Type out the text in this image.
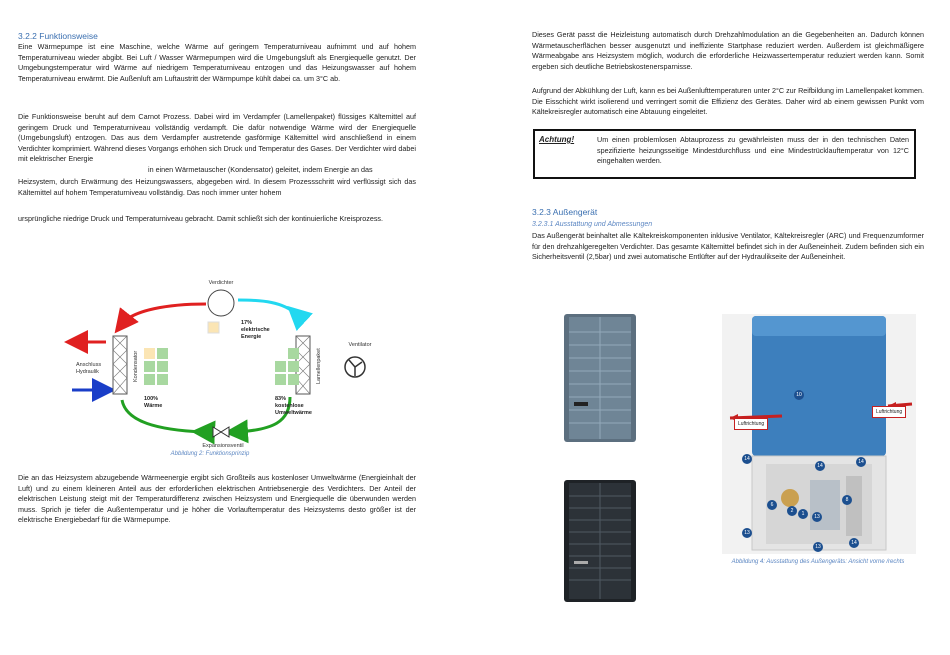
3.2.2 Funktionsweise
Eine Wärmepumpe ist eine Maschine, welche Wärme auf geringem Temperaturniveau aufnimmt und auf hohem Temperaturniveau wieder abgibt. Bei Luft / Wasser Wärmepumpen wird die Umgebungsluft als Energiequelle genutzt. Der Umgebungstemperatur wird Wärme auf niedrigem Temperaturniveau entzogen und das Heizungswasser auf hohem Temperaturniveau erwärmt. Die Außenluft am Luftaustritt der Wärmpumpe kühlt dabei ca. um 3°C ab.
Die Funktionsweise beruht auf dem Carnot Prozess. Dabei wird im Verdampfer (Lamellenpaket) flüssiges Kältemittel auf geringem Druck und Temperaturniveau vollständig verdampft. Die dafür notwendige Wärme wird der Energiequelle (Umgebungsluft) entzogen. Das aus dem Verdampfer austretende gasförmige Kältemittel wird anschließend in einem Verdichter komprimiert. Während dieses Vorgangs erhöhen sich Druck und Temperatur des Gases. Der Verdichter wird dabei mit elektrischer Energie
in einen Wärmetauscher (Kondensator) geleitet, indem Energie an das
Heizsystem, durch Erwärmung des Heizungswassers, abgegeben wird. In diesem Prozessschritt wird verflüssigt sich das Kältemittel auf hohem Temperaturniveau vollständig. Das noch immer unter hohem
ursprüngliche niedrige Druck und Temperaturniveau gebracht. Damit schließt sich der kontinuierliche Kreisprozess.
Verdichter
17%
elektrische
Energie
Kondensator
Anschluss
Hydraulik
100%
Wärme
Lamellenpaket
83%
kostenlose
Umweltwärme
Ventilator
Expansionsventil
Abbildung 2: Funktionsprinzip
Die an das Heizsystem abzugebende Wärmeenergie ergibt sich Großteils aus kostenloser Umweltwärme (Energieinhalt der Luft) und zu einem kleineren Anteil aus der erforderlichen elektrischen Antriebsenergie des Verdichters. Der Anteil der elektrischen Leistung steigt mit der Temperaturdifferenz zwischen Heizsystem und Energiequelle die überwunden werden muss. Sprich je tiefer die Außentemperatur und je höher die Vorlauftemperatur des Heizsystems desto größer ist der elektrische Energiebedarf für die Wärmepumpe.
Dieses Gerät passt die Heizleistung automatisch durch Drehzahlmodulation an die Gegebenheiten an. Dadurch können Wärmetauscherflächen besser ausgenutzt und ineffiziente Startphase reduziert werden. Außerdem ist gleichmäßigere Wärmeabgabe ans Heizsystem möglich, wodurch die erforderliche Heizwassertemperatur reduziert werden kann. Somit ergeben sich deutliche Betriebskostenersparnisse.
Aufgrund der Abkühlung der Luft, kann es bei Außenlufttemperaturen unter 2°C zur Reifbildung im Lamellenpaket kommen. Die Eisschicht wirkt isolierend und verringert somit die Effizienz des Gerätes. Daher wird ab einem gewissen Punkt vom Kältekreisregler automatisch eine Abtauung eingeleitet.
Achtung!	Um einen problemlosen Abtauprozess zu gewährleisten muss der in den technischen Daten spezifizierte heizungsseitige Mindestdurchfluss und eine Mindestrücklauftemperatur von 12°C eingehalten werden.
3.2.3 Außengerät
3.2.3.1 Ausstattung und Abmessungen
Das Außengerät beinhaltet alle Kältekreiskomponenten inklusive Ventilator, Kältekreisregler (ARC) und Frequenzumformer für den drehzahlgeregelten Verdichter. Das gesamte Kältemittel befindet sich in der Außeneinheit. Zudem befinden sich ein Sicherheitsventil (2,5bar) und zwei automatische Entlüfter auf der Hydraulikseite der Außeneinheit.
Luftrichtung
Luftrichtung
10
14
14
14
6
2	1	13
8
13
13
14
Abbildung 4: Ausstattung des Außengeräts: Ansicht vorne /rechts
